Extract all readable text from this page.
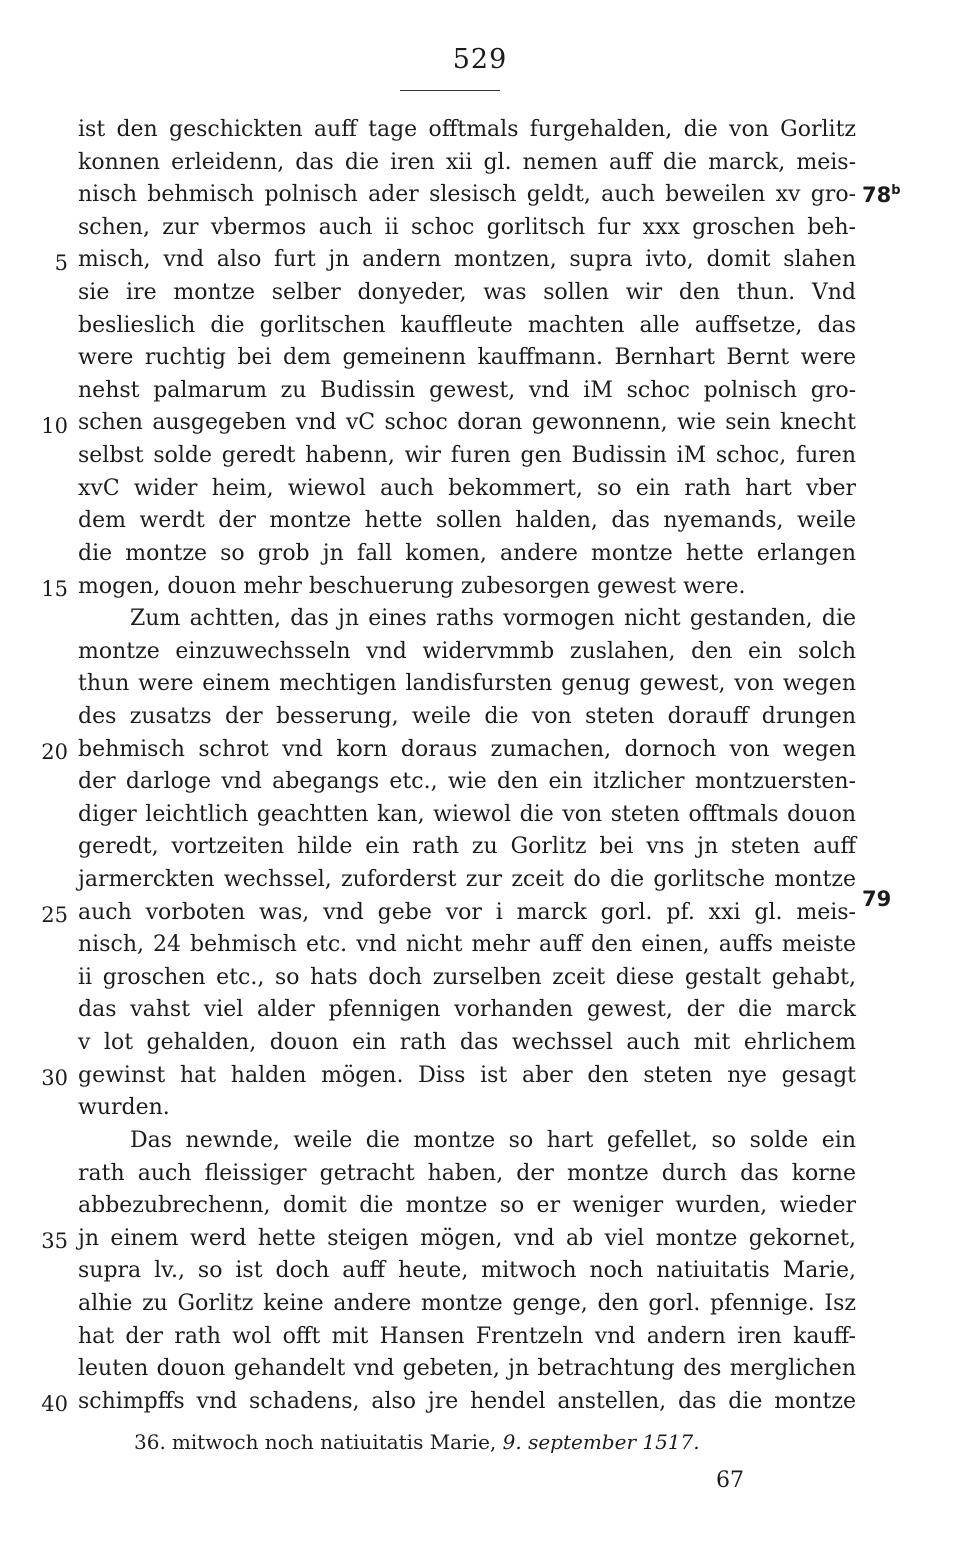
529
ist den geschickten auff tage offtmals furgehalden, die von Gorlitz
konnen erleidenn, das die iren xii gl. nemen auff die marck, meis-
nisch behmisch polnisch ader slesisch geldt, auch beweilen xv gro-
schen, zur vbermos auch ii schoc gorlitsch fur xxx groschen beh-
misch, vnd also furt jn andern montzen, supra ivto, domit slahen
sie ire montze selber donyeder, was sollen wir den thun. Vnd
beslieslich die gorlitschen kauffleute machten alle auffsetze, das
were ruchtig bei dem gemeinenn kauffmann. Bernhart Bernt were
nehst palmarum zu Budissin gewest, vnd iM schoc polnisch gro-
schen ausgegeben vnd vC schoc doran gewonnenn, wie sein knecht
selbst solde geredt habenn, wir furen gen Budissin iM schoc, furen
xvC wider heim, wiewol auch bekommert, so ein rath hart vber
dem werdt der montze hette sollen halden, das nyemands, weile
die montze so grob jn fall komen, andere montze hette erlangen
mogen, douon mehr beschuerung zubesorgen gewest were.
Zum achtten, das jn eines raths vormogen nicht gestanden, die
montze einzuwechsseln vnd widervmmb zuslahen, den ein solch
thun were einem mechtigen landisfursten genug gewest, von wegen
des zusatzs der besserung, weile die von steten dorauff drungen
behmisch schrot vnd korn doraus zumachen, dornoch von wegen
der darloge vnd abegangs etc., wie den ein itzlicher montzuersten-
diger leichtlich geachtten kan, wiewol die von steten offtmals douon
geredt, vortzeiten hilde ein rath zu Gorlitz bei vns jn steten auff
jarmerckten wechssel, zuforderst zur zceit do die gorlitsche montze
auch vorboten was, vnd gebe vor i marck gorl. pf. xxi gl. meis-
nisch, 24 behmisch etc. vnd nicht mehr auff den einen, auffs meiste
ii groschen etc., so hats doch zurselben zceit diese gestalt gehabt,
das vahst viel alder pfennigen vorhanden gewest, der die marck
v lot gehalden, douon ein rath das wechssel auch mit ehrlichem
gewinst hat halden mögen. Diss ist aber den steten nye gesagt
wurden.
Das newnde, weile die montze so hart gefellet, so solde ein
rath auch fleissiger getracht haben, der montze durch das korne
abbezubrechenn, domit die montze so er weniger wurden, wieder
jn einem werd hette steigen mögen, vnd ab viel montze gekornet,
supra lv., so ist doch auff heute, mitwoch noch natiuitatis Marie,
alhie zu Gorlitz keine andere montze genge, den gorl. pfennige. Isz
hat der rath wol offt mit Hansen Frentzeln vnd andern iren kauff-
leuten douon gehandelt vnd gebeten, jn betrachtung des merglichen
schimpffs vnd schadens, also jre hendel anstellen, das die montze
5
10
15
20
25
30
35
40
78$^b$
79
36. mitwoch noch natiuitatis Marie, 9. september 1517.
67
